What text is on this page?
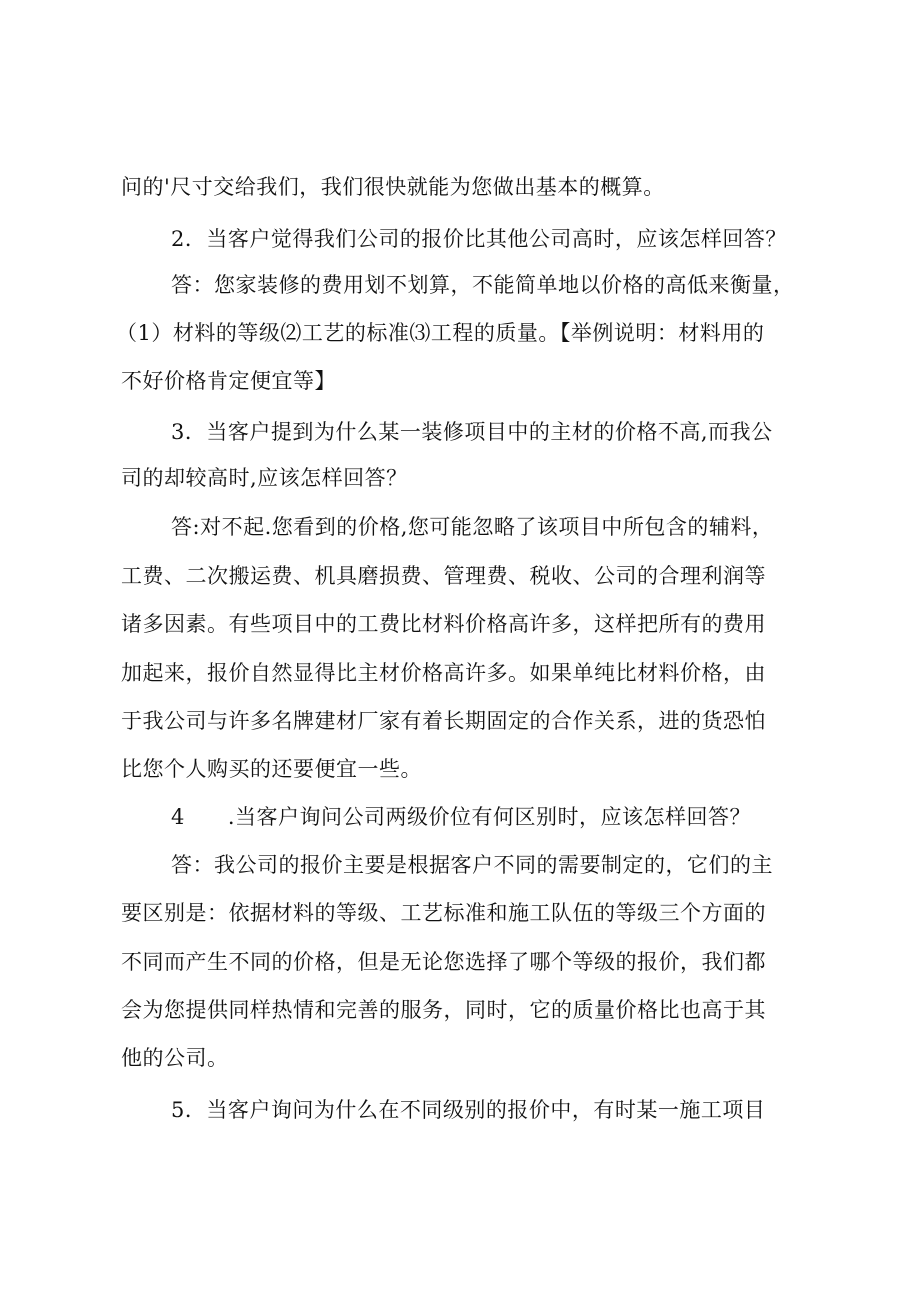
问的'尺寸交给我们，我们很快就能为您做出基本的概算。
2．当客户觉得我们公司的报价比其他公司高时，应该怎样回答？
答：您家装修的费用划不划算，不能简单地以价格的高低来衡量，
（1）材料的等级⑵工艺的标准⑶工程的质量。【举例说明：材料用的
不好价格肯定便宜等】
3．当客户提到为什么某一装修项目中的主材的价格不高,而我公
司的却较高时,应该怎样回答？
答:对不起.您看到的价格,您可能忽略了该项目中所包含的辅料，
工费、二次搬运费、机具磨损费、管理费、税收、公司的合理利润等
诸多因素。有些项目中的工费比材料价格高许多，这样把所有的费用
加起来，报价自然显得比主材价格高许多。如果单纯比材料价格，由
于我公司与许多名牌建材厂家有着长期固定的合作关系，进的货恐怕
比您个人购买的还要便宜一些。
4　　.当客户询问公司两级价位有何区别时，应该怎样回答？
答：我公司的报价主要是根据客户不同的需要制定的，它们的主
要区别是：依据材料的等级、工艺标准和施工队伍的等级三个方面的
不同而产生不同的价格，但是无论您选择了哪个等级的报价，我们都
会为您提供同样热情和完善的服务，同时，它的质量价格比也高于其
他的公司。
5．当客户询问为什么在不同级别的报价中，有时某一施工项目
